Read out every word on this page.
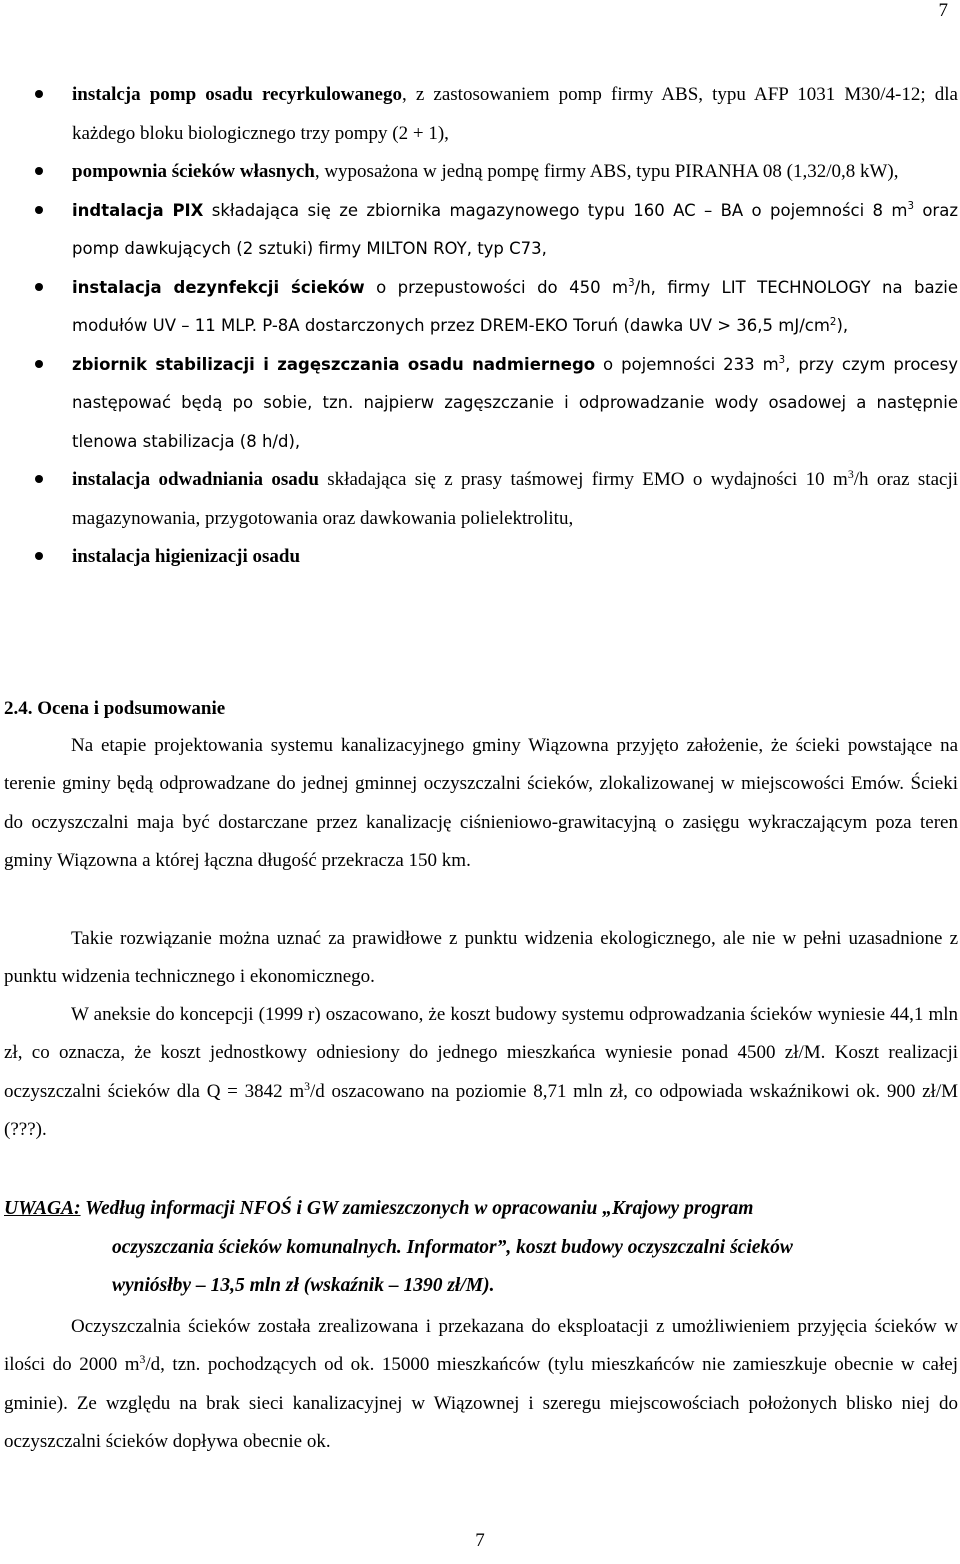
7
instalcja pomp osadu recyrkulowanego, z zastosowaniem pomp firmy ABS, typu AFP 1031 M30/4-12; dla każdego bloku biologicznego trzy pompy (2 + 1),
pompownia ścieków własnych, wyposażona w jedną pompę firmy ABS, typu PIRANHA 08 (1,32/0,8 kW),
indtalacja PIX składająca się ze zbiornika magazynowego typu 160 AC – BA o pojemności 8 $m^3$ oraz pomp dawkujących (2 sztuki) firmy MILTON ROY, typ C73,
instalacja dezynfekcji ścieków o przepustowości do 450 $m^3/h$, firmy LIT TECHNOLOGY na bazie modułów UV – 11 MLP. P-8A dostarczonych przez DREM-EKO Toruń (dawka UV > 36,5 $mJ/cm^2$),
zbiornik stabilizacji i zagęszczania osadu nadmiernego o pojemności 233 $m^3$, przy czym procesy następować będą po sobie, tzn. najpierw zagęszczanie i odprowadzanie wody osadowej a następnie tlenowa stabilizacja (8 h/d),
instalacja odwadniania osadu składająca się z prasy taśmowej firmy EMO o wydajności 10 $m^3/h$ oraz stacji magazynowania, przygotowania oraz dawkowania polielektrolitu,
instalacja higienizacji osadu
2.4. Ocena i podsumowanie

Na etapie projektowania systemu kanalizacyjnego gminy Wiązowna przyjęto założenie, że ścieki powstające na terenie gminy będą odprowadzane do jednej gminnej oczyszczalni ścieków, zlokalizowanej w miejscowości Emów. Ścieki do oczyszczalni maja być dostarczane przez kanalizację ciśnieniowo-grawitacyjną o zasięgu wykraczającym poza teren gminy Wiązowna a której łączna długość przekracza 150 km.

Takie rozwiązanie można uznać za prawidłowe z punktu widzenia ekologicznego, ale nie w pełni uzasadnione z punktu widzenia technicznego i ekonomicznego.

W aneksie do koncepcji (1999 r) oszacowano, że koszt budowy systemu odprowadzania ścieków wyniesie 44,1 mln zł, co oznacza, że koszt jednostkowy odniesiony do jednego mieszkańca wyniesie ponad 4500 zł/M. Koszt realizacji oczyszczalni ścieków dla Q = 3842 $m^3/d$ oszacowano na poziomie 8,71 mln zł, co odpowiada wskaźnikowi ok. 900 zł/M (???).

UWAGA: Według informacji NFOŚ i GW zamieszczonych w opracowaniu „Krajowy program
oczyszczania ścieków komunalnych. Informator”, koszt budowy oczyszczalni ścieków
wyniósłby – 13,5 mln zł (wskaźnik – 1390 zł/M).

Oczyszczalnia ścieków została zrealizowana i przekazana do eksploatacji z umożliwieniem przyjęcia ścieków w ilości do 2000 $m^3/d$, tzn. pochodzących od ok. 15000 mieszkańców (tylu mieszkańców nie zamieszkuje obecnie w całej gminie). Ze względu na brak sieci kanalizacyjnej w Wiązownej i szeregu miejscowościach położonych blisko niej do oczyszczalni ścieków dopływa obecnie ok.

7
